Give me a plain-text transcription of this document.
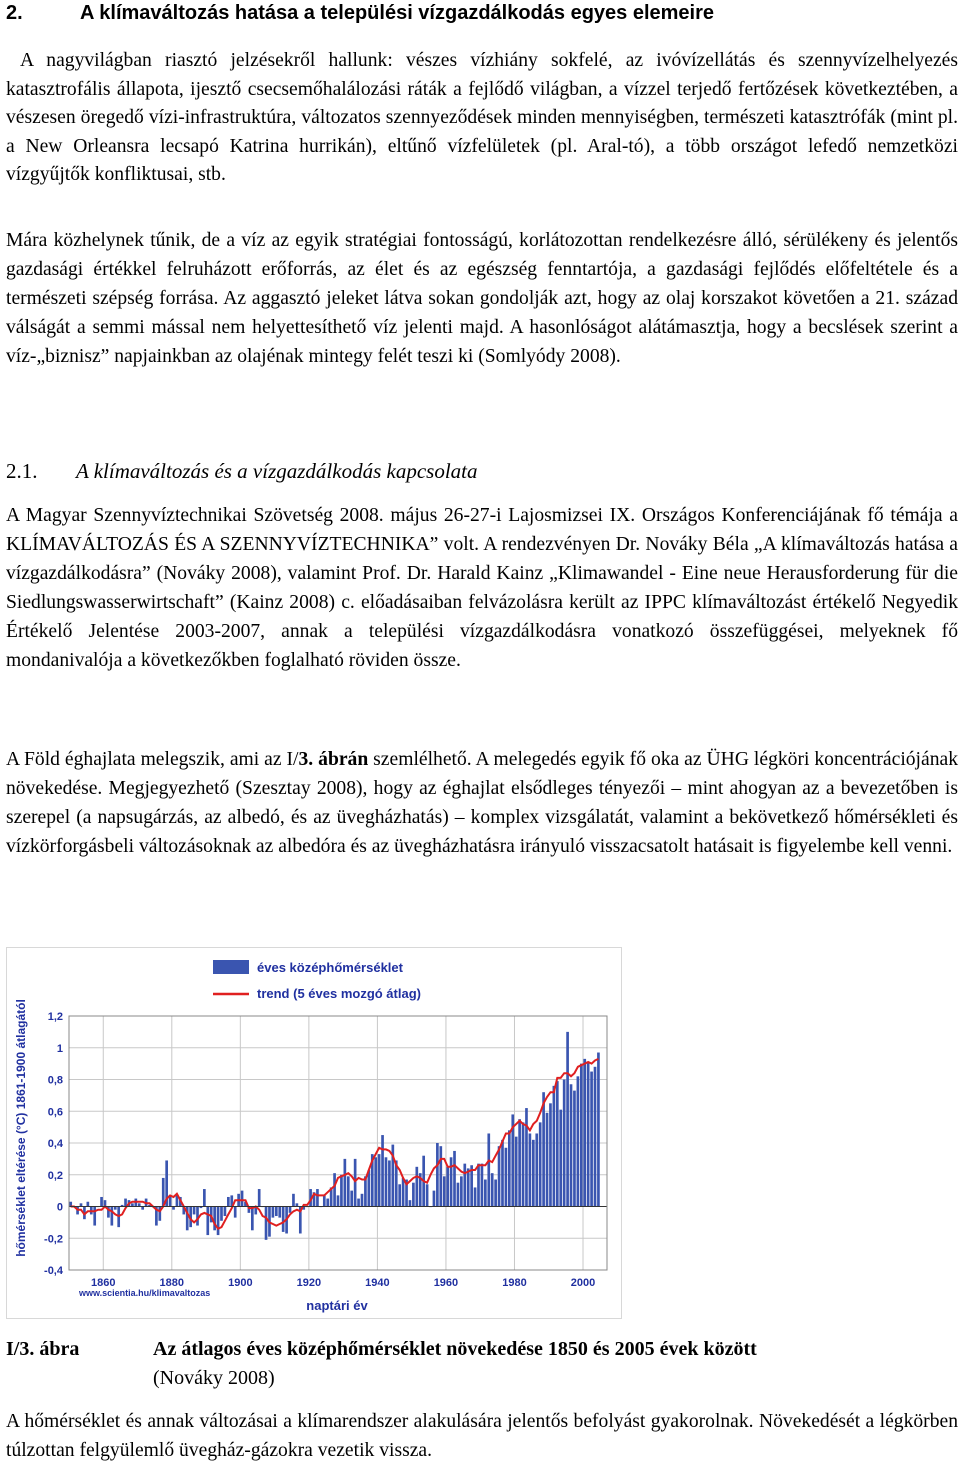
2.	A klímaváltozás hatása a települési vízgazdálkodás egyes elemeire

A nagyvilágban riasztó jelzésekről hallunk: vészes vízhiány sokfelé, az ivóvízellátás és szennyvízelhelyezés katasztrofális állapota, ijesztő csecsemőhalálozási ráták a fejlődő világban, a vízzel terjedő fertőzések következtében, a vészesen öregedő vízi-infrastruktúra, változatos szennyeződések minden mennyiségben, természeti katasztrófák (mint pl. a New Orleansra lecsapó Katrina hurrikán), eltűnő vízfelületek (pl. Aral-tó), a több országot lefedő nemzetközi vízgyűjtők konfliktusai, stb.

Mára közhelynek tűnik, de a víz az egyik stratégiai fontosságú, korlátozottan rendelkezésre álló, sérülékeny és jelentős gazdasági értékkel felruházott erőforrás, az élet és az egészség fenntartója, a gazdasági fejlődés előfeltétele és a természeti szépség forrása. Az aggasztó jeleket látva sokan gondolják azt, hogy az olaj korszakot követően a 21. század válságát a semmi mással nem helyettesíthető víz jelenti majd. A hasonlóságot alátámasztja, hogy a becslések szerint a víz-„biznisz” napjainkban az olajénak mintegy felét teszi ki (Somlyódy 2008).

2.1. A klímaváltozás és a vízgazdálkodás kapcsolata

A Magyar Szennyvíztechnikai Szövetség 2008. május 26-27-i Lajosmizsei IX. Országos Konferenciájának fő témája a KLÍMAVÁLTOZÁS ÉS A SZENNYVÍZTECHNIKA” volt. A rendezvényen Dr. Nováky Béla „A klímaváltozás hatása a vízgazdálkodásra” (Nováky 2008), valamint Prof. Dr. Harald Kainz „Klimawandel - Eine neue Herausforderung für die Siedlungswasserwirtschaft” (Kainz 2008) c. előadásaiban felvázolásra került az IPPC klímaváltozást értékelő Negyedik Értékelő Jelentése 2003-2007, annak a települési vízgazdálkodásra vonatkozó összefüggései, melyeknek fő mondanivalója a következőkben foglalható röviden össze.

A Föld éghajlata melegszik, ami az I/3. ábrán szemlélhető. A melegedés egyik fő oka az ÜHG légköri koncentrációjának növekedése. Megjegyezhető (Szesztay 2008), hogy az éghajlat elsődleges tényezői – mint ahogyan az a bevezetőben is szerepel (a napsugárzás, az albedó, és az üvegházhatás) – komplex vizsgálatát, valamint a bekövetkező hőmérsékleti és vízkörforgásbeli változásoknak az albedóra és az üvegházhatásra irányuló visszacsatolt hatásait is figyelembe kell venni.

-0,4
-0,2
0
0,2
0,4
0,6
0,8
1
1,2
1860	1880	1900	1920	1940	1960	1980	2000
éves középhőmérséklet
trend (5 éves mozgó átlag)
hőmérséklet eltérése (°C) 1861-1900 átlagától
naptári év
www.scientia.hu/klimavaltozas
I/3. ábra	Az átlagos éves középhőmérséklet növekedése 1850 és 2005 évek között
(Nováky 2008)

A hőmérséklet és annak változásai a klímarendszer alakulására jelentős befolyást gyakorolnak. Növekedését a légkörben túlzottan felgyülemlő üvegház-gázokra vezetik vissza.
